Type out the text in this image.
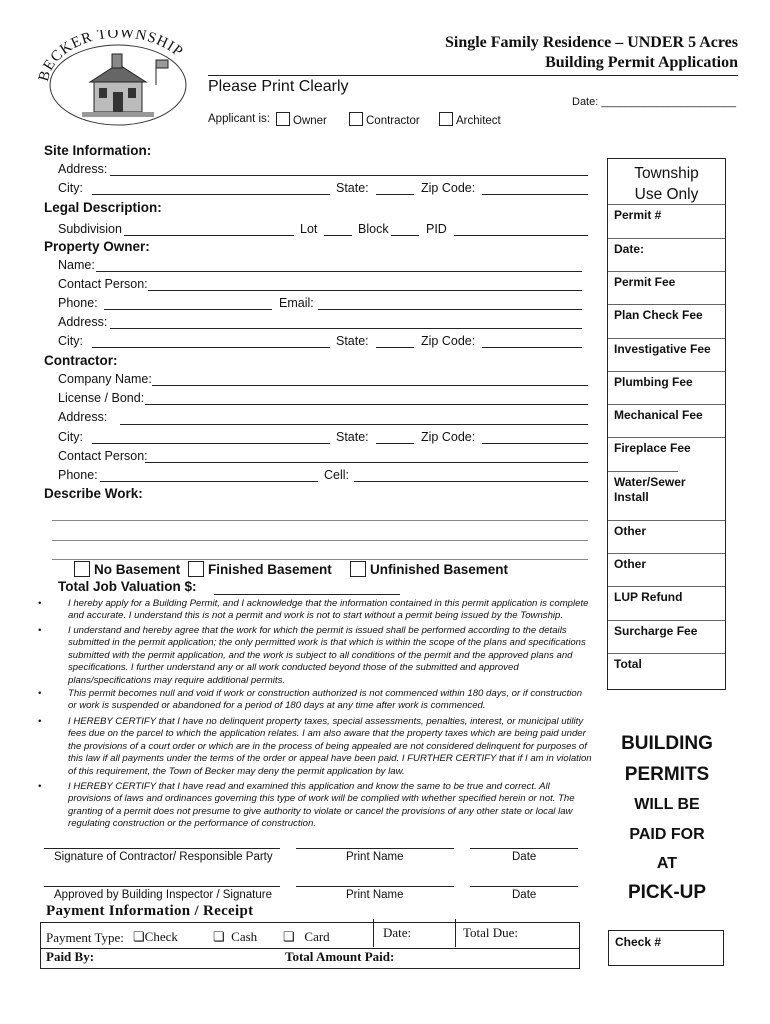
ECKER TOWNSHIP	Single Family Residence – UNDER 5 Acres
Building Permit Application
Please Print Clearly
Date: ______________________
Applicant is:	Owner	Contractor	Architect
Site Information:
Address:
City:	State:	Zip Code:
Legal Description:
Subdivision	Lot	Block	PID
Property Owner:
Name:
Contact Person:
Phone:	Email:
Address:
City:	State:	Zip Code:
Contractor:
Company Name:
License / Bond:
Address:
City:	State:	Zip Code:
Contact Person:
Phone:	Cell:
Describe Work:
No Basement	Finished Basement	Unfinished Basement
Total Job Valuation $:
•	I hereby apply for a Building Permit, and I acknowledge that the information contained in this permit application is complete and accurate. I understand this is not a permit and work is not to start without a permit being issued by the Township.
•	I understand and hereby agree that the work for which the permit is issued shall be performed according to the details submitted in the permit application; the only permitted work is that which is within the scope of the plans and specifications submitted with the permit application, and the work is subject to all conditions of the permit and the approved plans and specifications. I further understand any or all work conducted beyond those of the submitted and approved plans/specifications may require additional permits.
•	This permit becomes null and void if work or construction authorized is not commenced within 180 days, or if construction or work is suspended or abandoned for a period of 180 days at any time after work is commenced.
•	I HEREBY CERTIFY that I have no delinquent property taxes, special assessments, penalties, interest, or municipal utility fees due on the parcel to which the application relates. I am also aware that the property taxes which are being paid under the provisions of a court order or which are in the process of being appealed are not considered delinquent for purposes of this law if all payments under the terms of the order or appeal have been paid. I FURTHER CERTIFY that if I am in violation of this requirement, the Town of Becker may deny the permit application by law.
•	I HEREBY CERTIFY that I have read and examined this application and know the same to be true and correct. All provisions of laws and ordinances governing this type of work will be complied with whether specified herein or not. The granting of a permit does not presume to give authority to violate or cancel the provisions of any other state or local law regulating construction or the performance of construction.
Signature of Contractor/ Responsible Party	Print Name	Date
Approved by Building Inspector / Signature	Print Name	Date
Payment Information / Receipt
Payment Type: ❏Check	❏ Cash ❏ Card	Date:	Total Due:
Paid By:	Total Amount Paid:
Township
Use Only
Permit #
Date:
Permit Fee
Plan Check Fee
Investigative Fee
Plumbing Fee
Mechanical Fee
Fireplace Fee
Water/Sewer Install
Other
Other
LUP Refund
Surcharge Fee
Total
BUILDING
PERMITS
WILL BE
PAID FOR
AT
PICK-UP
Check #
